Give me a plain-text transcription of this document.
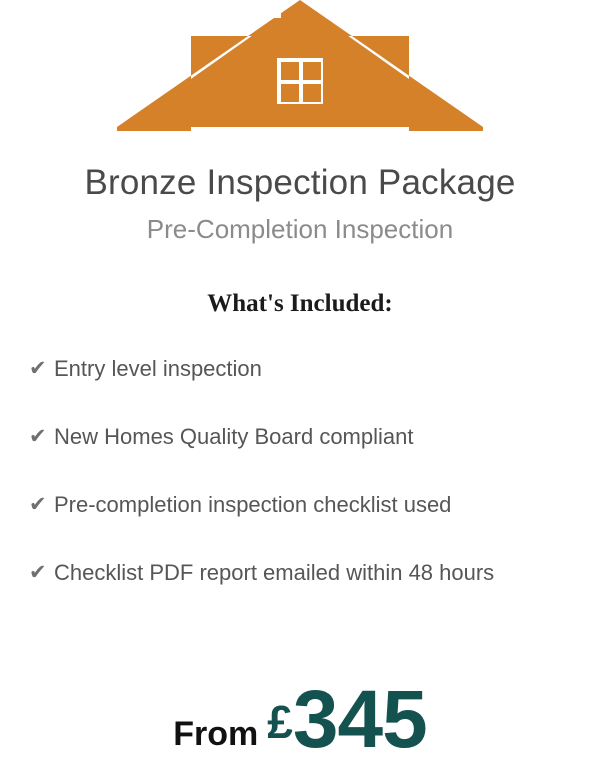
Bronze Inspection Package
Pre-Completion Inspection
What's Included:
✔ Entry level inspection
✔ New Homes Quality Board compliant
✔ Pre-completion inspection checklist used
✔ Checklist PDF report emailed within 48 hours
From £ 345
